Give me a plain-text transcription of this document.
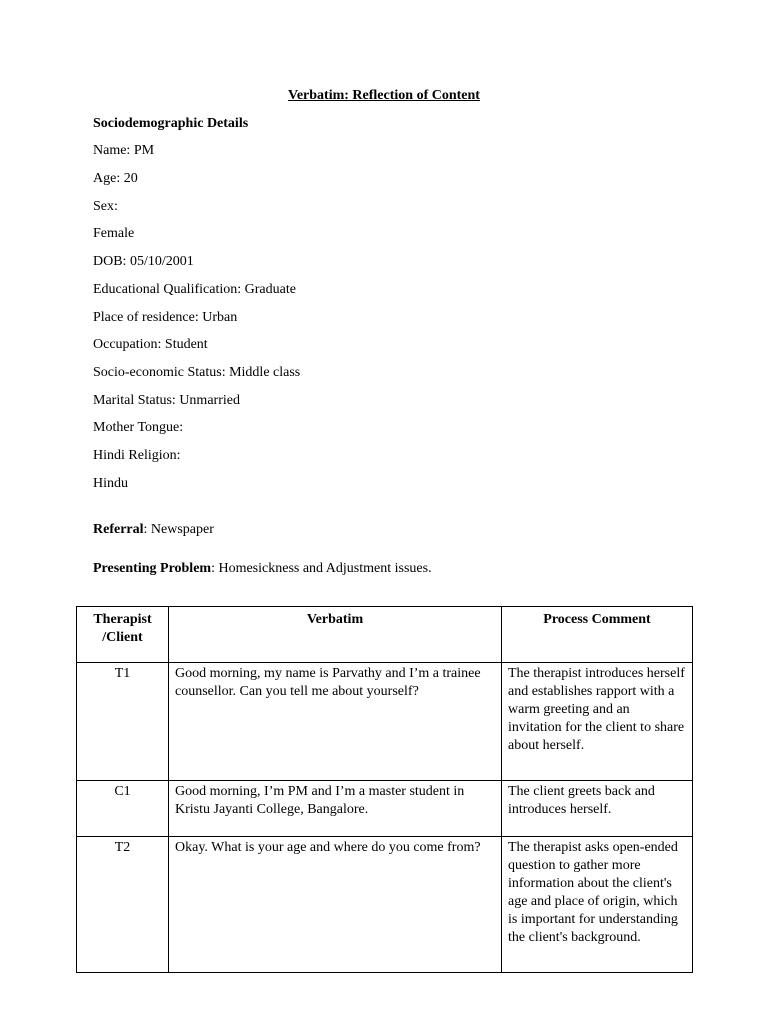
Verbatim: Reflection of Content
Sociodemographic Details
Name: PM
Age: 20
Sex:
Female
DOB: 05/10/2001
Educational Qualification: Graduate
Place of residence: Urban
Occupation: Student
Socio-economic Status: Middle class
Marital Status: Unmarried
Mother Tongue:
Hindi Religion:
Hindu
Referral: Newspaper
Presenting Problem: Homesickness and Adjustment issues.
Therapist
/Client	Verbatim	Process Comment
T1	Good morning, my name is Parvathy and I’m a trainee counsellor. Can you tell me about yourself?	The therapist introduces herself and establishes rapport with a warm greeting and an invitation for the client to share about herself.
C1	Good morning, I’m PM and I’m a master student in Kristu Jayanti College, Bangalore.	The client greets back and introduces herself.
T2	Okay. What is your age and where do you come from?	The therapist asks open-ended question to gather more information about the client's age and place of origin, which is important for understanding the client's background.
